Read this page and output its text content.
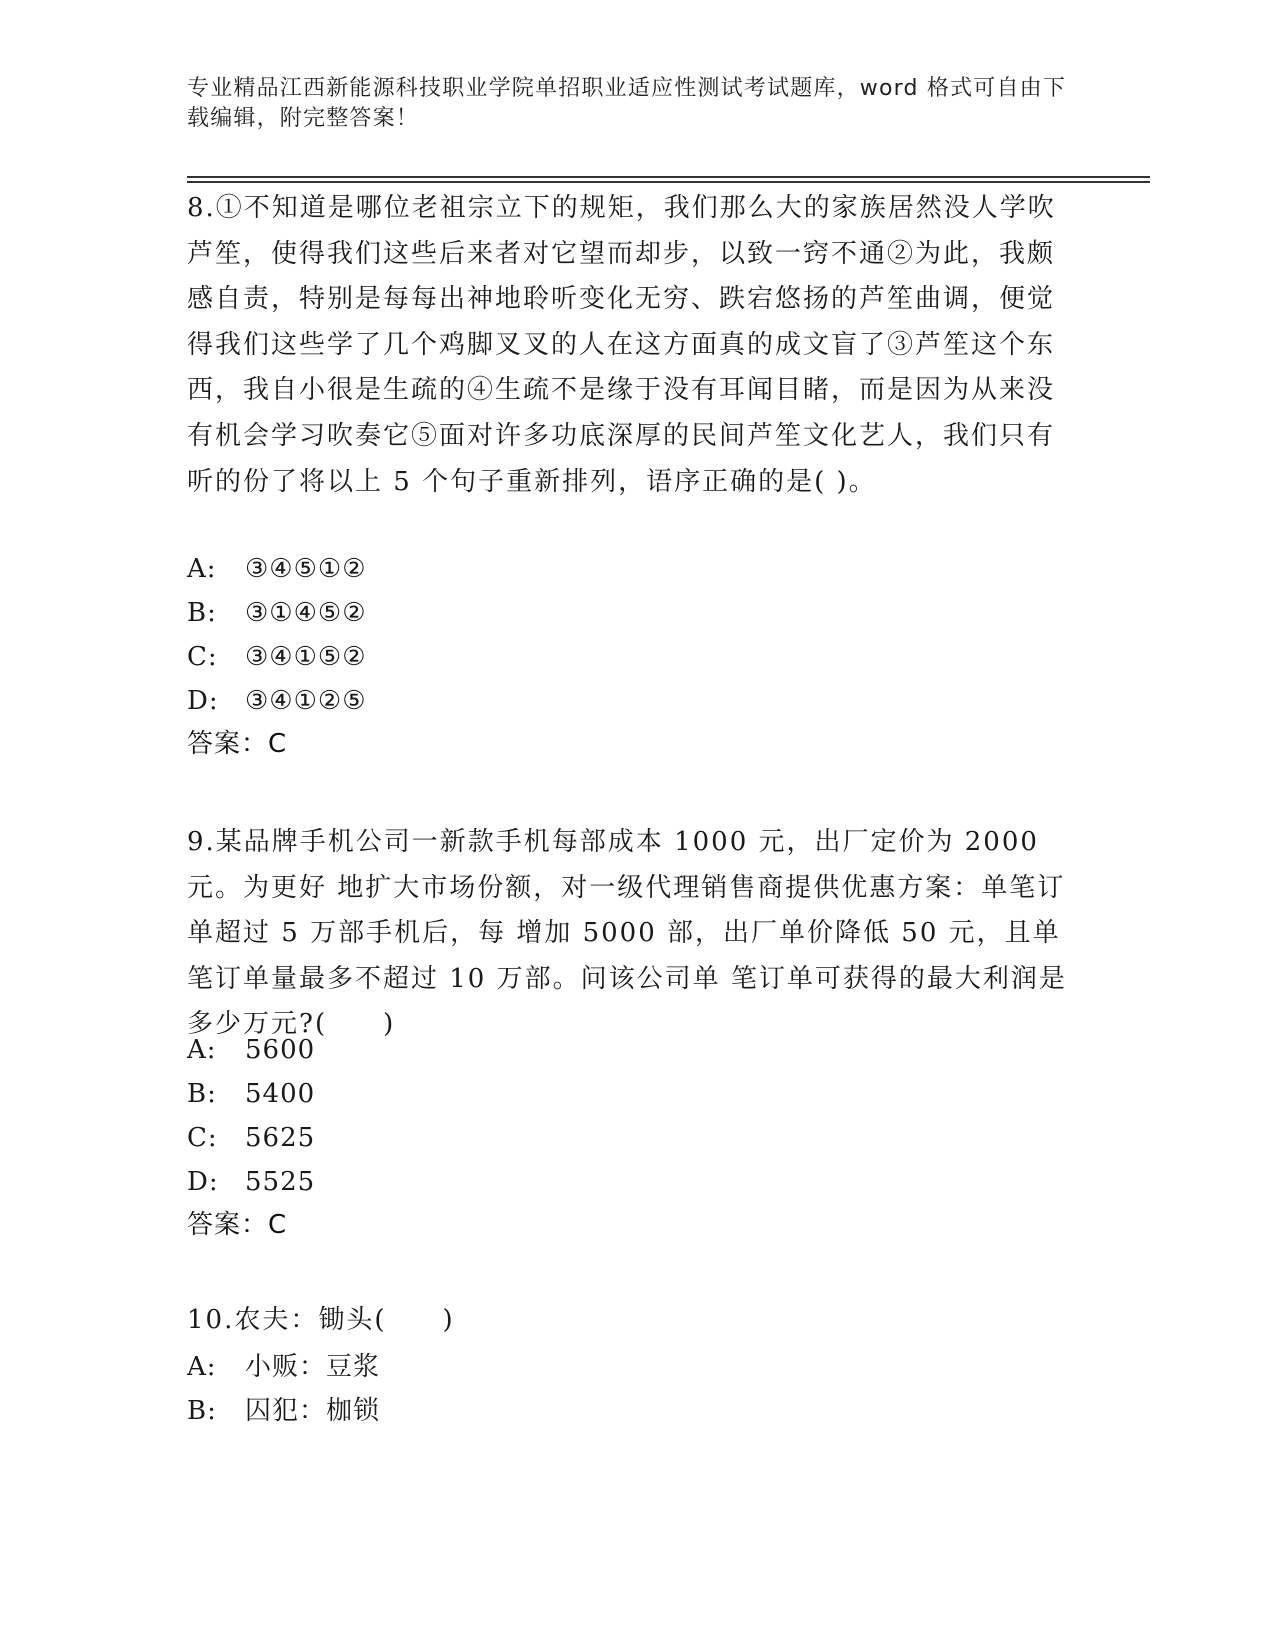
专业精品江西新能源科技职业学院单招职业适应性测试考试题库，word 格式可自由下载编辑，附完整答案！
8.①不知道是哪位老祖宗立下的规矩，我们那么大的家族居然没人学吹芦笙，使得我们这些后来者对它望而却步，以致一窍不通②为此，我颇感自责，特别是每每出神地聆听变化无穷、跌宕悠扬的芦笙曲调，便觉得我们这些学了几个鸡脚叉叉的人在这方面真的成文盲了③芦笙这个东西，我自小很是生疏的④生疏不是缘于没有耳闻目睹，而是因为从来没有机会学习吹奏它⑤面对许多功底深厚的民间芦笙文化艺人，我们只有听的份了将以上 5 个句子重新排列，语序正确的是( )。
A: ③④⑤①②
B: ③①④⑤②
C: ③④①⑤②
D: ③④①②⑤
答案：C
9.某品牌手机公司一新款手机每部成本 1000 元，出厂定价为 2000 元。为更好 地扩大市场份额，对一级代理销售商提供优惠方案：单笔订单超过 5 万部手机后，每 增加 5000 部，出厂单价降低 50 元，且单笔订单量最多不超过 10 万部。问该公司单 笔订单可获得的最大利润是多少万元?(　　)
A: 5600
B: 5400
C: 5625
D: 5525
答案：C
10.农夫：锄头(　　)
A: 小贩：豆浆
B: 囚犯：枷锁
